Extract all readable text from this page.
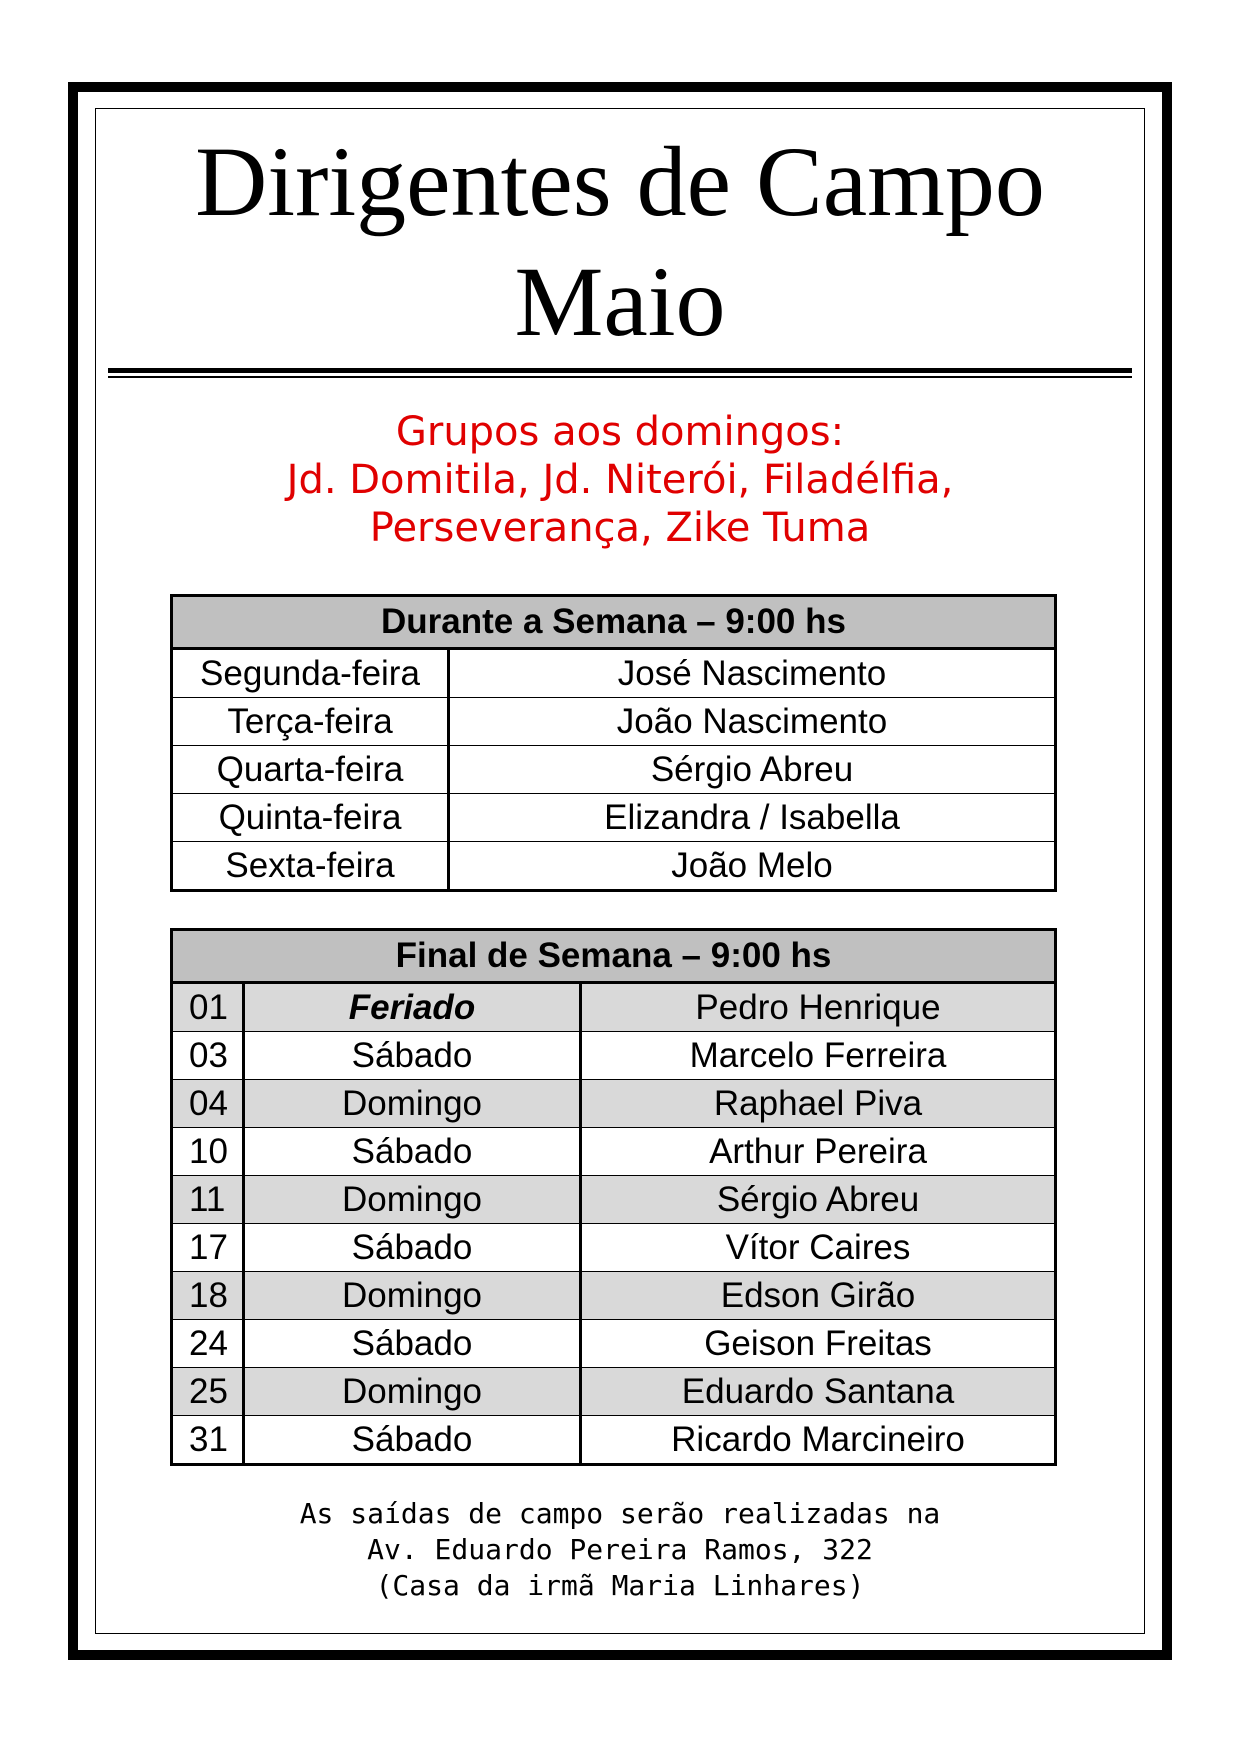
Dirigentes de Campo
Maio
Grupos aos domingos:
Jd. Domitila, Jd. Niterói, Filadélfia,
Perseverança, Zike Tuma
Durante a Semana – 9:00 hs	
Segunda-feira	José Nascimento
Terça-feira	João Nascimento
Quarta-feira	Sérgio Abreu
Quinta-feira	Elizandra / Isabella
Sexta-feira	João Melo
Final de Semana – 9:00 hs		
01	Feriado	Pedro Henrique
03	Sábado	Marcelo Ferreira
04	Domingo	Raphael Piva
10	Sábado	Arthur Pereira
11	Domingo	Sérgio Abreu
17	Sábado	Vítor Caires
18	Domingo	Edson Girão
24	Sábado	Geison Freitas
25	Domingo	Eduardo Santana
31	Sábado	Ricardo Marcineiro
As saídas de campo serão realizadas na
Av. Eduardo Pereira Ramos, 322
(Casa da irmã Maria Linhares)
